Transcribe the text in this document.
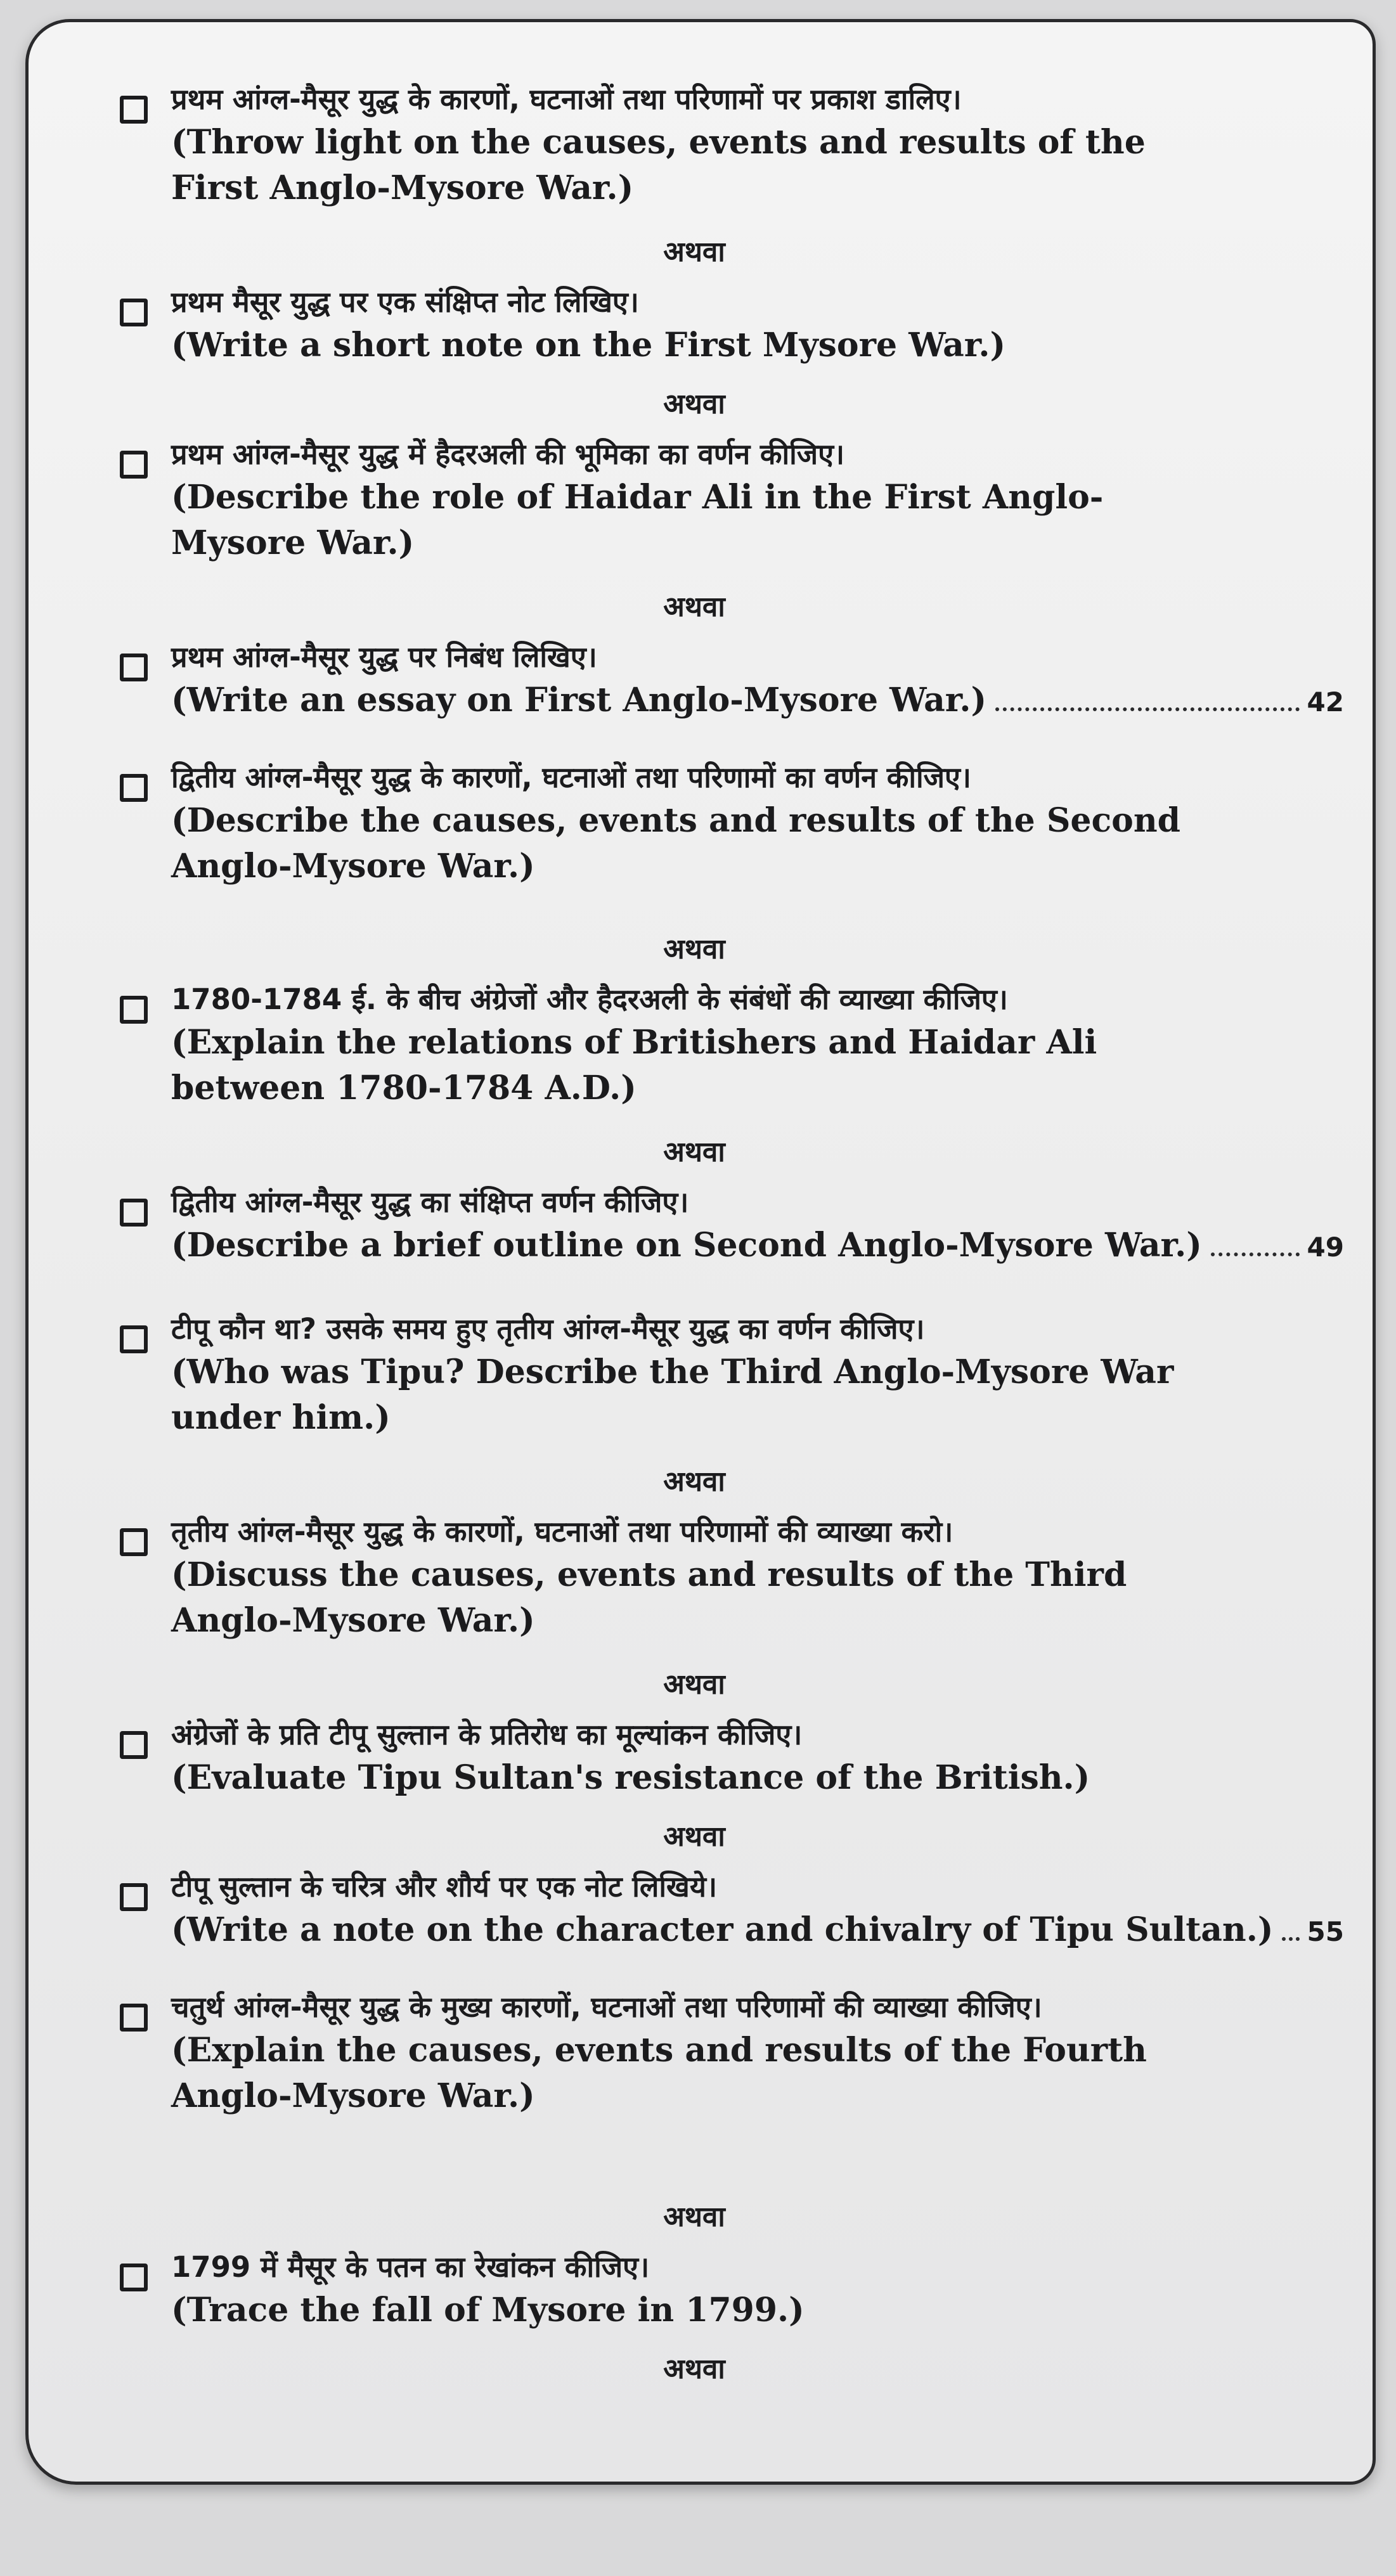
प्रथम आंग्ल-मैसूर युद्ध के कारणों, घटनाओं तथा परिणामों पर प्रकाश डालिए।
(Throw light on the causes, events and results of the First Anglo-Mysore War.)
अथवा
प्रथम मैसूर युद्ध पर एक संक्षिप्त नोट लिखिए।
(Write a short note on the First Mysore War.)
अथवा
प्रथम आंग्ल-मैसूर युद्ध में हैदरअली की भूमिका का वर्णन कीजिए।
(Describe the role of Haidar Ali in the First Anglo-Mysore War.)
अथवा
प्रथम आंग्ल-मैसूर युद्ध पर निबंध लिखिए।
(Write an essay on First Anglo-Mysore War.)	42
द्वितीय आंग्ल-मैसूर युद्ध के कारणों, घटनाओं तथा परिणामों का वर्णन कीजिए।
(Describe the causes, events and results of the Second Anglo-Mysore War.)
अथवा
1780-1784 ई. के बीच अंग्रेजों और हैदरअली के संबंधों की व्याख्या कीजिए।
(Explain the relations of Britishers and Haidar Ali between 1780-1784 A.D.)
अथवा
द्वितीय आंग्ल-मैसूर युद्ध का संक्षिप्त वर्णन कीजिए।
(Describe a brief outline on Second Anglo-Mysore War.)	49
टीपू कौन था? उसके समय हुए तृतीय आंग्ल-मैसूर युद्ध का वर्णन कीजिए।
(Who was Tipu? Describe the Third Anglo-Mysore War under him.)
अथवा
तृतीय आंग्ल-मैसूर युद्ध के कारणों, घटनाओं तथा परिणामों की व्याख्या करो।
(Discuss the causes, events and results of the Third Anglo-Mysore War.)
अथवा
अंग्रेजों के प्रति टीपू सुल्तान के प्रतिरोध का मूल्यांकन कीजिए।
(Evaluate Tipu Sultan's resistance of the British.)
अथवा
टीपू सुल्तान के चरित्र और शौर्य पर एक नोट लिखिये।
(Write a note on the character and chivalry of Tipu Sultan.) 55
चतुर्थ आंग्ल-मैसूर युद्ध के मुख्य कारणों, घटनाओं तथा परिणामों की व्याख्या कीजिए।
(Explain the causes, events and results of the Fourth Anglo-Mysore War.)
अथवा
1799 में मैसूर के पतन का रेखांकन कीजिए।
(Trace the fall of Mysore in 1799.)
अथवा
